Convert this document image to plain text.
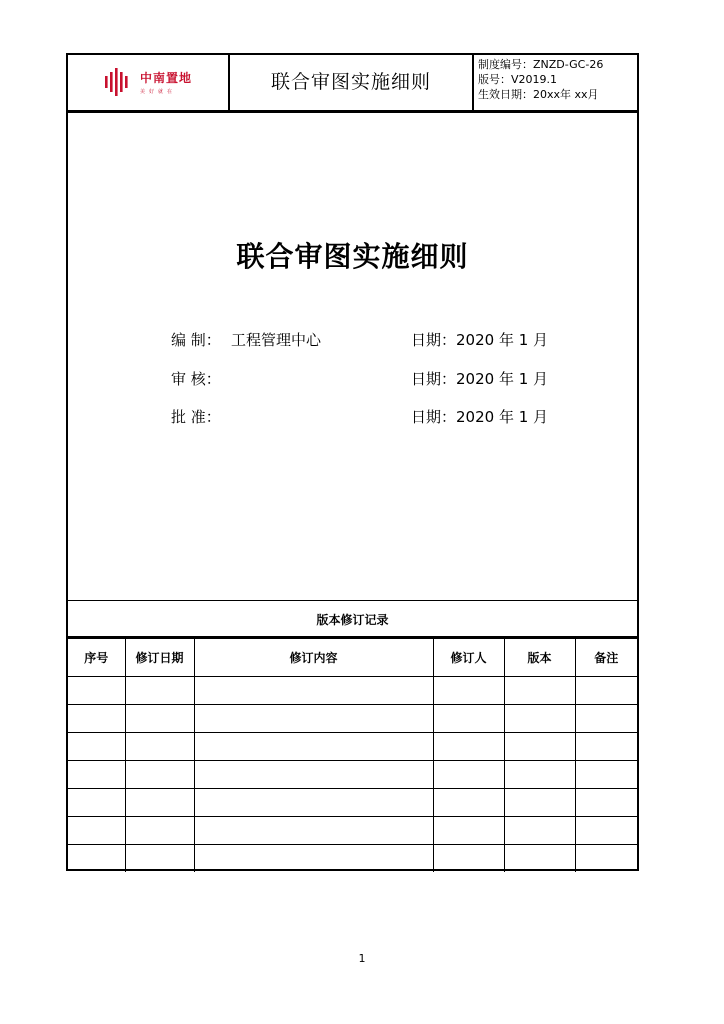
中南置地
美好就在	联合审图实施细则
制度编号：ZNZD-GC-26
版号：V2019.1
生效日期：20xx年 xx月
联合审图实施细则
编 制： 工程管理中心	日期：2020 年 1 月
审 核：	日期：2020 年 1 月
批 准：	日期：2020 年 1 月
版本修订记录
序号	修订日期	修订内容	修订人	版本	备注

1
